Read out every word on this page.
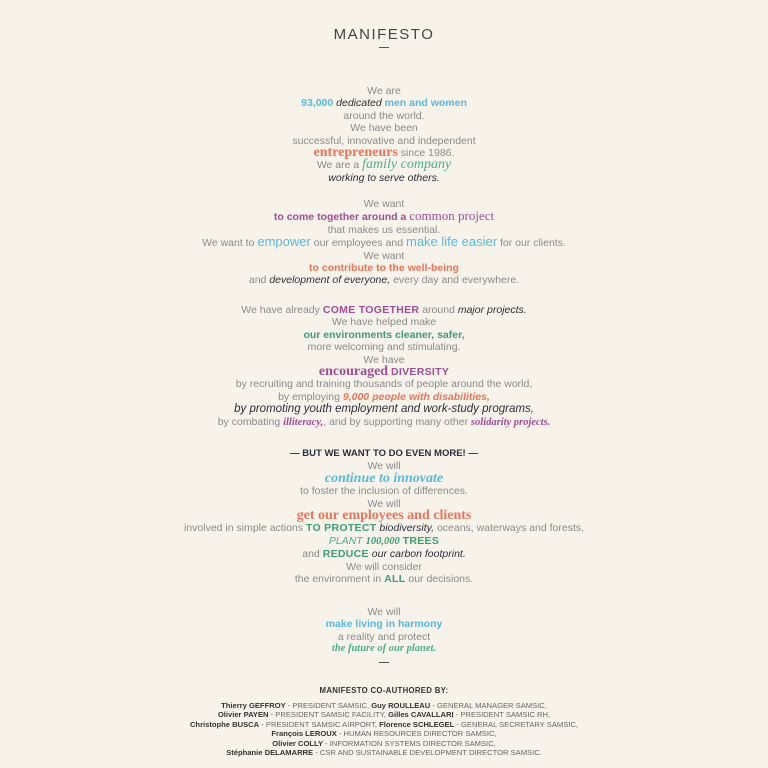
MANIFESTO
We are
93,000 dedicated men and women
around the world.
We have been
successful, innovative and independent
entrepreneurs since 1986.
We are a family company
working to serve others.
We want
to come together around a common project
that makes us essential.
We want to empower our employees and make life easier for our clients.
We want
to contribute to the well-being
and development of everyone, every day and everywhere.
We have already COME TOGETHER around major projects.
We have helped make
our environments cleaner, safer,
more welcoming and stimulating.
We have
encouraged DIVERSITY
by recruiting and training thousands of people around the world,
by employing 9,000 people with disabilities,
by promoting youth employment and work-study programs,
by combating illiteracy,, and by supporting many other solidarity projects.
— BUT WE WANT TO DO EVEN MORE! —
We will
continue to innovate
to foster the inclusion of differences.
We will
get our employees and clients
involved in simple actions TO PROTECT biodiversity, oceans, waterways and forests,
PLANT 100,000 TREES
and REDUCE our carbon footprint.
We will consider
the environment in ALL our decisions.
We will
make living in harmony
a reality and protect
the future of our planet.
MANIFESTO CO-AUTHORED BY:
Thierry GEFFROY - PRESIDENT SAMSIC, Guy ROULLEAU - GENERAL MANAGER SAMSIC,
Olivier PAYEN - PRESIDENT SAMSIC FACILITY, Gilles CAVALLARI - PRESIDENT SAMSIC RH,
Christophe BUSCA - PRESIDENT SAMSIC AIRPORT, Florence SCHLEGEL - GENERAL SECRETARY SAMSIC,
François LEROUX - HUMAN RESOURCES DIRECTOR SAMSIC,
Olivier COLLY - INFORMATION SYSTEMS DIRECTOR SAMSIC,
Stéphanie DELAMARRE - CSR AND SUSTAINABLE DEVELOPMENT DIRECTOR SAMSIC.
